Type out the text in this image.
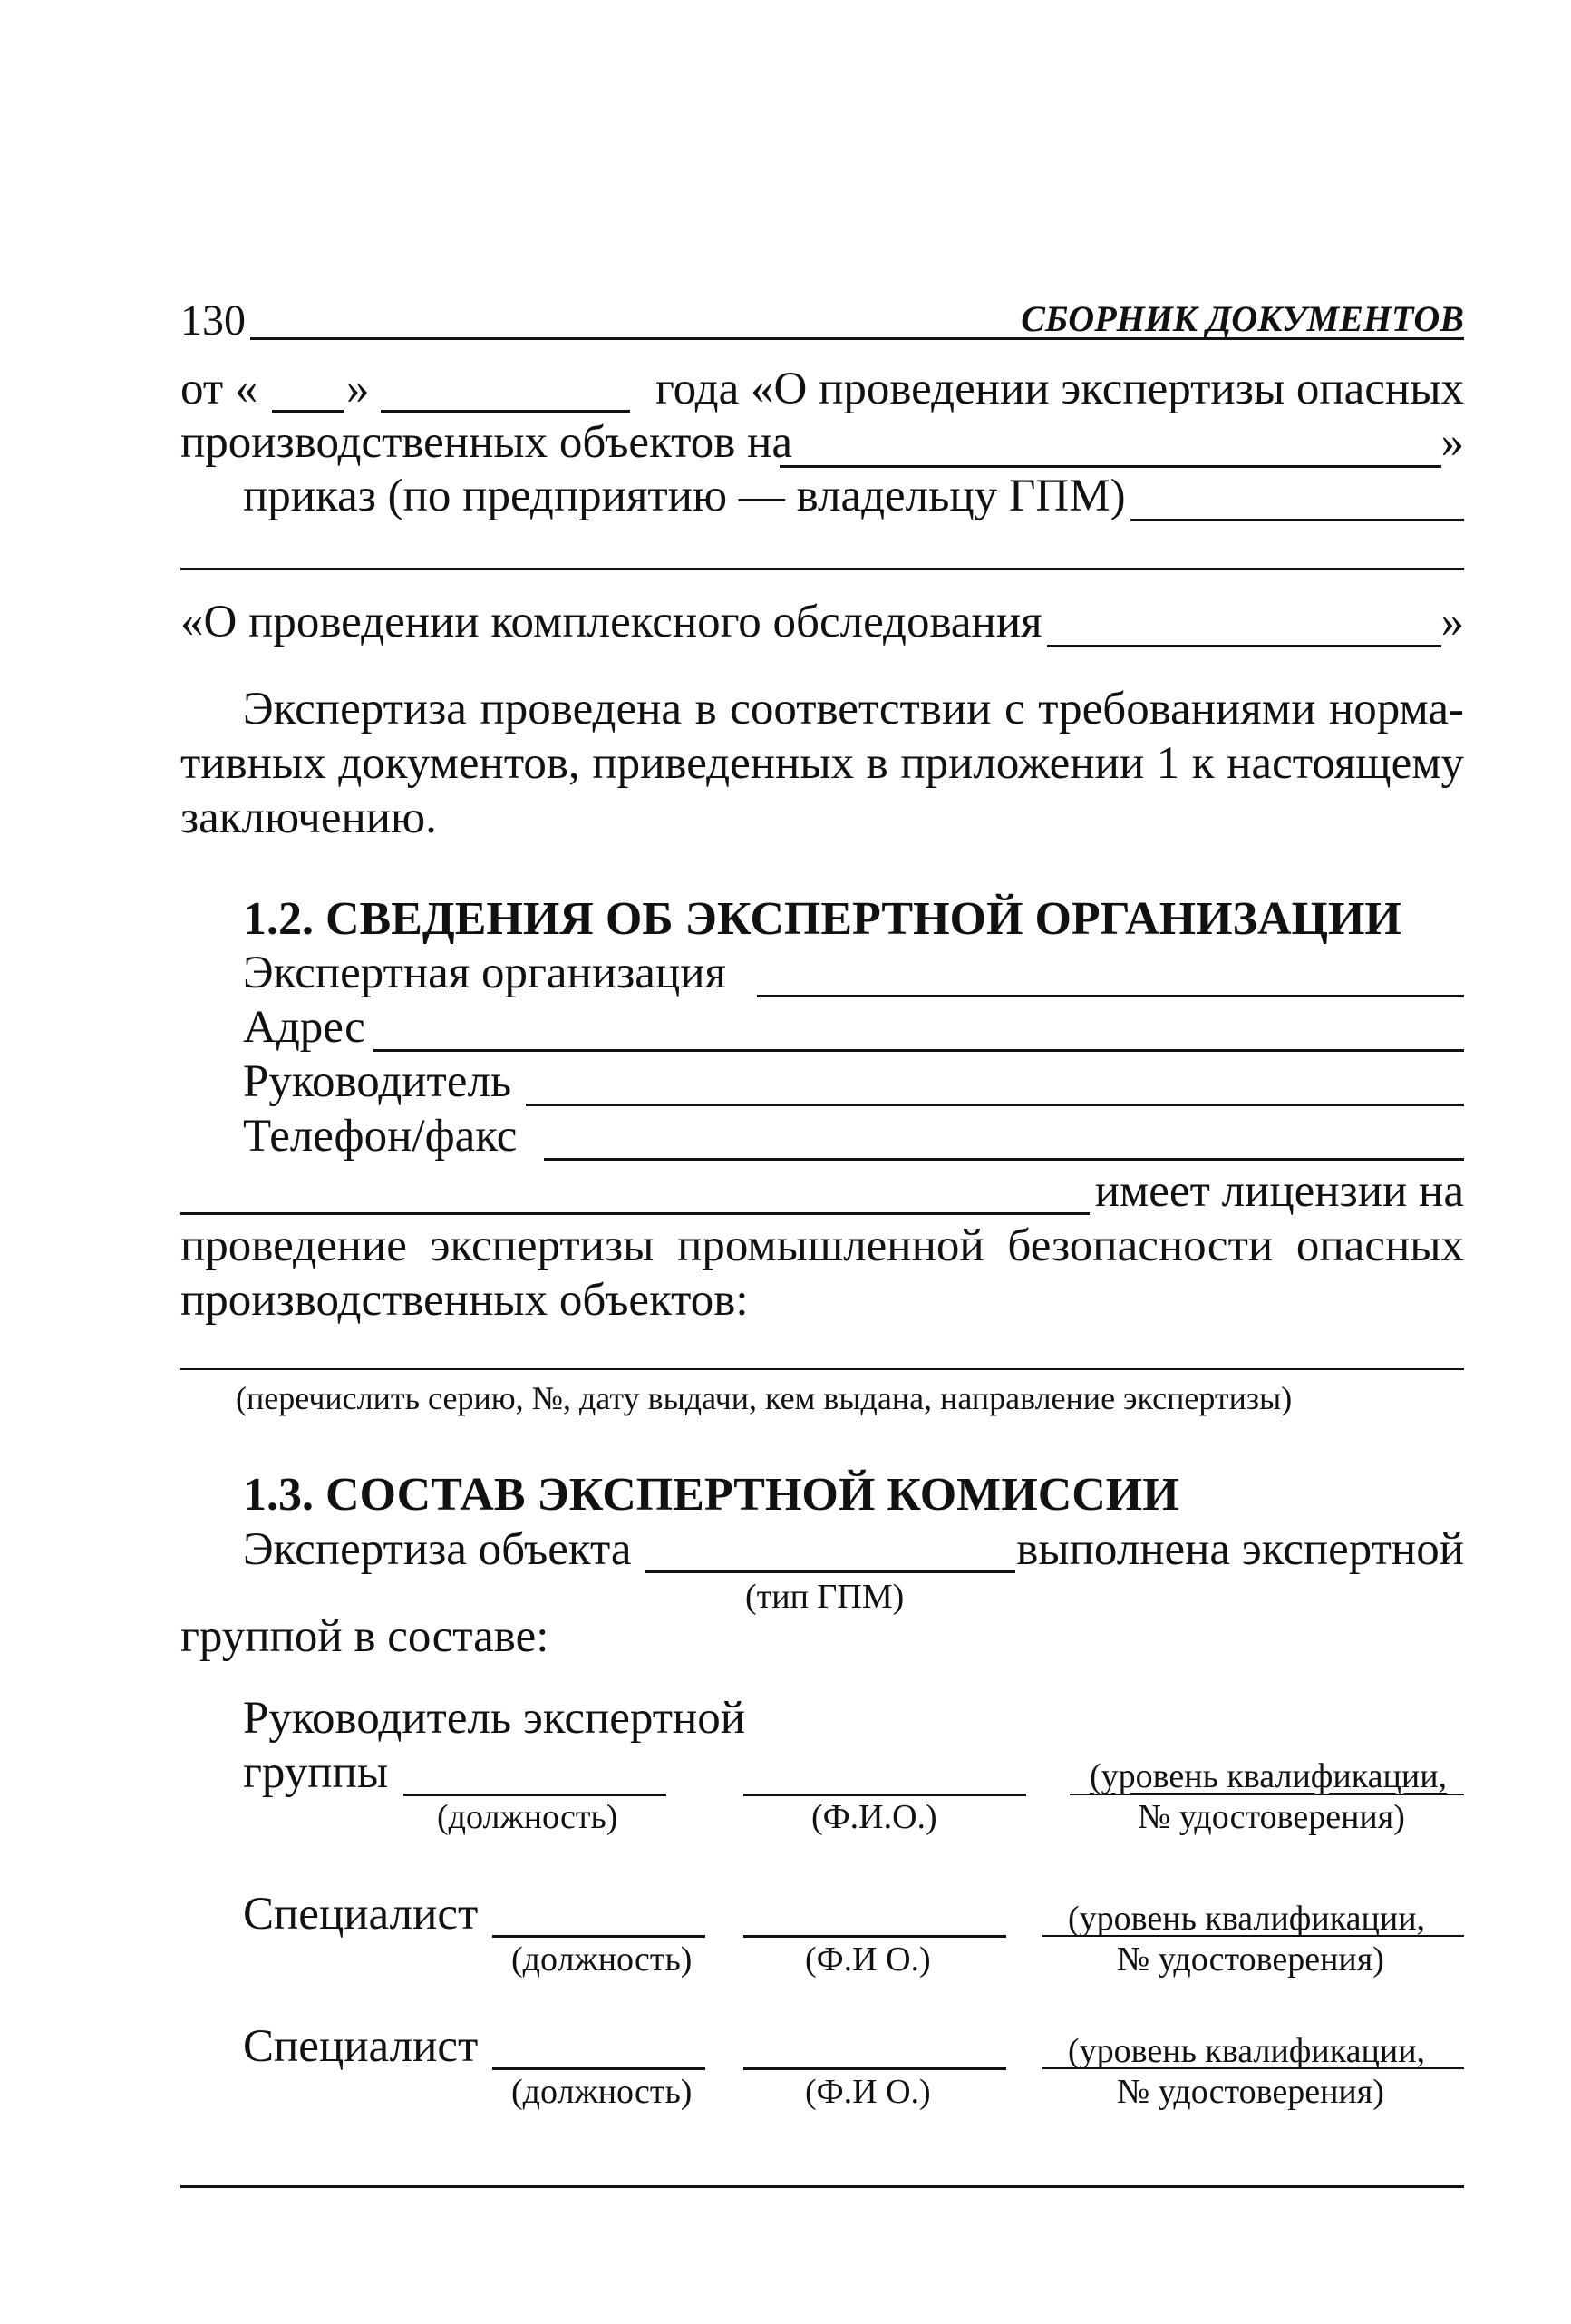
130	СБОРНИК ДОКУМЕНТОВ
от « »	года «О проведении экспертизы опасных
производственных объектов на	»
приказ (по предприятию — владельцу ГПМ)
«О проведении комплексного обследования	»
Экспертиза проведена в соответствии с требованиями норма-
тивных документов, приведенных в приложении 1 к настоящему
заключению.
1.2. СВЕДЕНИЯ ОБ ЭКСПЕРТНОЙ ОРГАНИЗАЦИИ
Экспертная организация
Адрес
Руководитель
Телефон/факс
имеет лицензии на
проведение экспертизы промышленной безопасности опасных
производственных объектов:
(перечислить серию, №, дату выдачи, кем выдана, направление экспертизы)
1.3. СОСТАВ ЭКСПЕРТНОЙ КОМИССИИ
Экспертиза объекта	выполнена экспертной
(тип ГПМ)
группой в составе:
Руководитель экспертной
группы	(уровень квалификации,
(должность)	(Ф.И.О.)	№ удостоверения)
Специалист	(уровень квалификации,
(должность)	(Ф.И О.)	№ удостоверения)
Специалист	(уровень квалификации,
(должность)	(Ф.И О.)	№ удостоверения)
